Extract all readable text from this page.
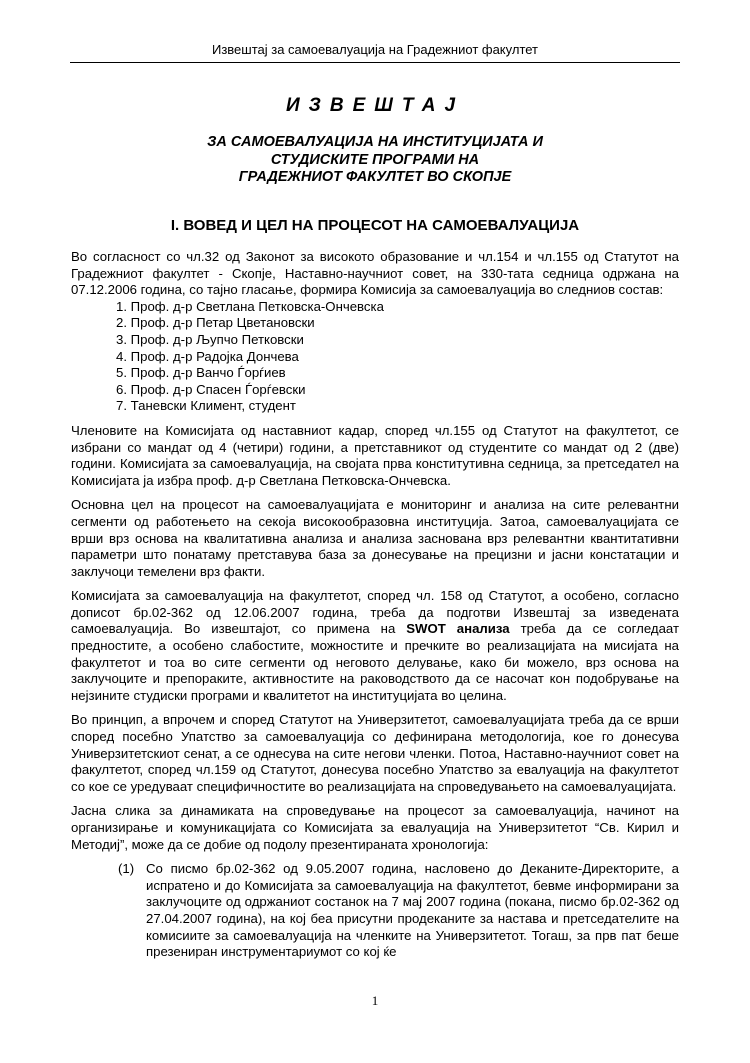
Извештај за самоевалуација на Градежниот факултет
ИЗВЕШТАЈ
ЗА САМОЕВАЛУАЦИЈА НА ИНСТИТУЦИЈАТА И
СТУДИСКИТЕ ПРОГРАМИ НА
ГРАДЕЖНИОТ ФАКУЛТЕТ ВО СКОПЈЕ
I. ВОВЕД И ЦЕЛ НА ПРОЦЕСОТ НА САМОЕВАЛУАЦИЈА

Во согласност со чл.32 од Законот за високото образование и чл.154 и чл.155 од Статутот на Градежниот факултет - Скопје, Наставно-научниот совет, на 330-тата седница одржана на 07.12.2006 година, со тајно гласање, формира Комисија за самоевалуација во следниов состав:

1. Проф. д-р Светлана Петковска-Ончевска
2. Проф. д-р Петар Цветановски
3. Проф. д-р Љупчо Петковски
4. Проф. д-р Радојка Дончева
5. Проф. д-р Ванчо Ѓорѓиев
6. Проф. д-р Спасен Ѓорѓевски
7. Таневски Климент, студент

Членовите на Комисијата од наставниот кадар, според чл.155 од Статутот на факултетот, се избрани со мандат од 4 (четири) години, а претставникот од студентите со мандат од 2 (две) години. Комисијата за самоевалуација, на својата прва конститутивна седница, за претседател на Комисијата ја избра проф. д-р Светлана Петковска-Ончевска.

Основна цел на процесот на самоевалуацијата е мониторинг и анализа на сите релевантни сегменти од работењето на секоја високообразовна институција. Затоа, самоевалуацијата се врши врз основа на квалитативна анализа и анализа заснована врз релевантни квантитативни параметри што понатаму претставува база за донесување на прецизни и јасни констатации и заклучоци темелени врз факти.

Комисијата за самоевалуација на факултетот, според чл. 158 од Статутот, а особено, согласно дописот бр.02-362 од 12.06.2007 година, треба да подготви Извештај за изведената самоевалуација. Во извештајот, со примена на SWOT анализа треба да се согледаат предностите, а особено слабостите, можностите и пречките во реализацијата на мисијата на факултетот и тоа во сите сегменти од неговото делување, како би можело, врз основа на заклучоците и препораките, активностите на раководството да се насочат кон подобрување на нејзините студиски програми и квалитетот на институцијата во целина.

Во принцип, а впрочем и според Статутот на Универзитетот, самоевалуацијата треба да се врши според посебно Упатство за самоевалуација со дефинирана методологија, кое го донесува Универзитетскиот сенат, а се однесува на сите негови членки. Потоа, Наставно-научниот совет на факултетот, според чл.159 од Статутот, донесува посебно Упатство за евалуација на факултетот со кое се уредуваат специфичностите во реализацијата на спроведувањето на самоевалуацијата.

Јасна слика за динамиката на спроведување на процесот за самоевалуација, начинот на организирање и комуникацијата со Комисијата за евалуација на Универзитетот “Св. Кирил и Методиј”, може да се добие од подолу презентираната хронологија:

(1) Со писмо бр.02-362 од 9.05.2007 година, насловено до Деканите-Директорите, а испратено и до Комисијата за самоевалуација на факултетот, бевме информирани за заклучоците од одржаниот состанок на 7 мај 2007 година (покана, писмо бр.02-362 од 27.04.2007 година), на кој беа присутни продеканите за настава и претседателите на комисиите за самоевалуација на членките на Универзитетот. Тогаш, за прв пат беше презениран инструментариумот со кој ќе
1
